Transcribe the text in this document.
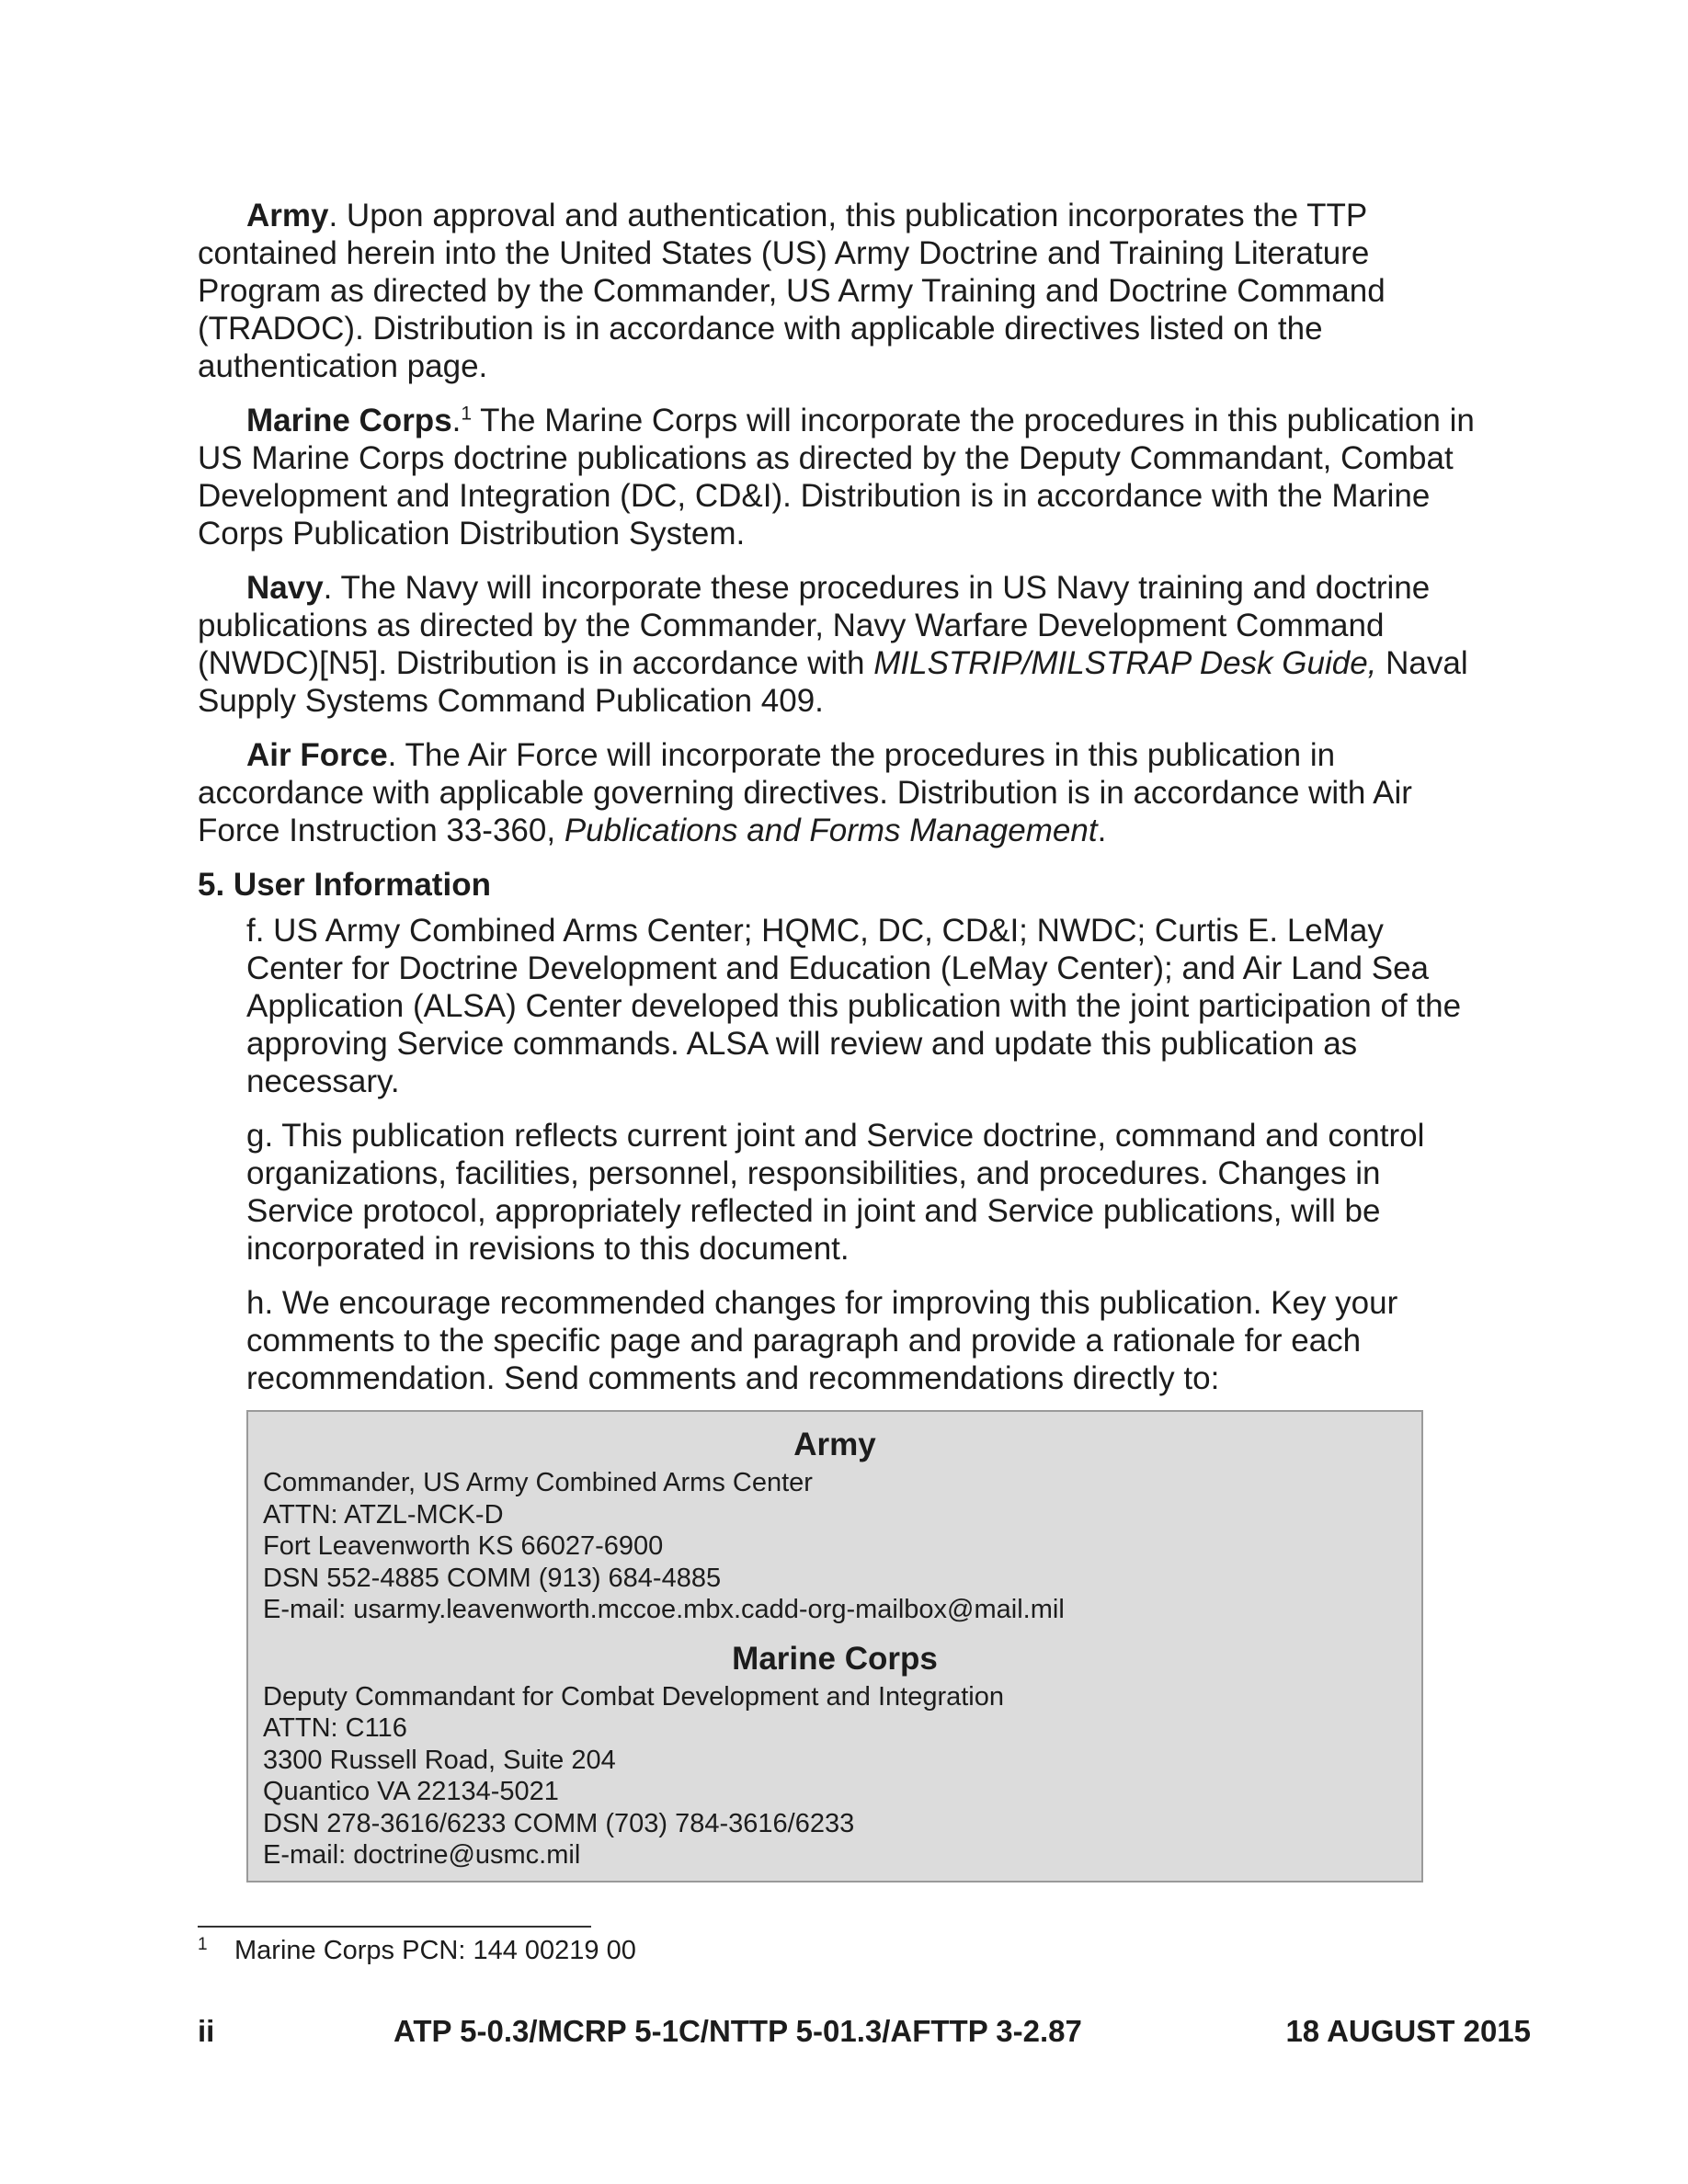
Army. Upon approval and authentication, this publication incorporates the TTP contained herein into the United States (US) Army Doctrine and Training Literature Program as directed by the Commander, US Army Training and Doctrine Command (TRADOC). Distribution is in accordance with applicable directives listed on the authentication page.

Marine Corps.$^1$ The Marine Corps will incorporate the procedures in this publication in US Marine Corps doctrine publications as directed by the Deputy Commandant, Combat Development and Integration (DC, CD&I). Distribution is in accordance with the Marine Corps Publication Distribution System.

Navy. The Navy will incorporate these procedures in US Navy training and doctrine publications as directed by the Commander, Navy Warfare Development Command (NWDC)[N5]. Distribution is in accordance with MILSTRIP/MILSTRAP Desk Guide, Naval Supply Systems Command Publication 409.

Air Force. The Air Force will incorporate the procedures in this publication in accordance with applicable governing directives. Distribution is in accordance with Air Force Instruction 33-360, Publications and Forms Management.

5. User Information

f. US Army Combined Arms Center; HQMC, DC, CD&I; NWDC; Curtis E. LeMay Center for Doctrine Development and Education (LeMay Center); and Air Land Sea Application (ALSA) Center developed this publication with the joint participation of the approving Service commands. ALSA will review and update this publication as necessary.

g. This publication reflects current joint and Service doctrine, command and control organizations, facilities, personnel, responsibilities, and procedures. Changes in Service protocol, appropriately reflected in joint and Service publications, will be incorporated in revisions to this document.

h. We encourage recommended changes for improving this publication. Key your comments to the specific page and paragraph and provide a rationale for each recommendation. Send comments and recommendations directly to:

Army
Commander, US Army Combined Arms Center
ATTN: ATZL-MCK-D
Fort Leavenworth KS 66027-6900
DSN 552-4885 COMM (913) 684-4885
E-mail: usarmy.leavenworth.mccoe.mbx.cadd-org-mailbox@mail.mil
Marine Corps
Deputy Commandant for Combat Development and Integration
ATTN: C116
3300 Russell Road, Suite 204
Quantico VA 22134-5021
DSN 278-3616/6233 COMM (703) 784-3616/6233
E-mail: doctrine@usmc.mil
1 Marine Corps PCN: 144 00219 00
ii	ATP 5-0.3/MCRP 5-1C/NTTP 5-01.3/AFTTP 3-2.87	18 AUGUST 2015
